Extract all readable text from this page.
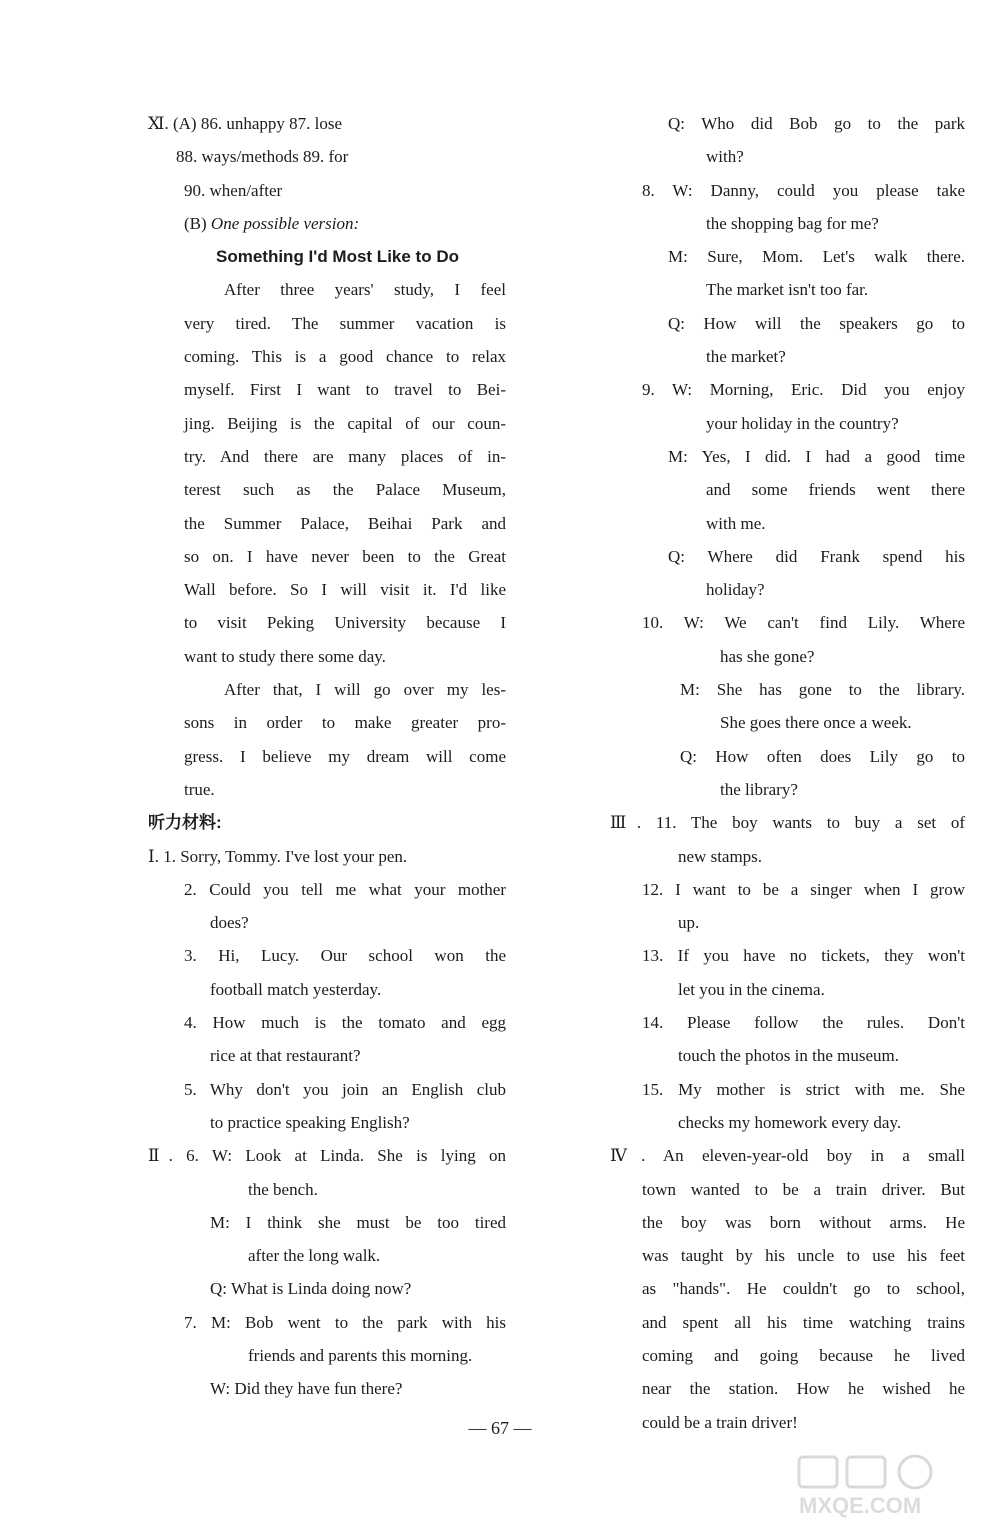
Ⅺ. (A) 86. unhappy 87. lose
88. ways/methods 89. for
90. when/after
(B) One possible version:
Something I'd Most Like to Do
After three years' study, I feel
very tired. The summer vacation is
coming. This is a good chance to relax
myself. First I want to travel to Bei-
jing. Beijing is the capital of our coun-
try. And there are many places of in-
terest such as the Palace Museum,
the Summer Palace, Beihai Park and
so on. I have never been to the Great
Wall before. So I will visit it. I'd like
to visit Peking University because I
want to study there some day.
After that, I will go over my les-
sons in order to make greater pro-
gress. I believe my dream will come
true.
听力材料:
Ⅰ. 1. Sorry, Tommy. I've lost your pen.
2. Could you tell me what your mother
does?
3. Hi, Lucy. Our school won the
football match yesterday.
4. How much is the tomato and egg
rice at that restaurant?
5. Why don't you join an English club
to practice speaking English?
Ⅱ. 6. W: Look at Linda. She is lying on
the bench.
M: I think she must be too tired
after the long walk.
Q: What is Linda doing now?
7. M: Bob went to the park with his
friends and parents this morning.
W: Did they have fun there?
Q: Who did Bob go to the park
with?
8. W: Danny, could you please take
the shopping bag for me?
M: Sure, Mom. Let's walk there.
The market isn't too far.
Q: How will the speakers go to
the market?
9. W: Morning, Eric. Did you enjoy
your holiday in the country?
M: Yes, I did. I had a good time
and some friends went there
with me.
Q: Where did Frank spend his
holiday?
10. W: We can't find Lily. Where
has she gone?
M: She has gone to the library.
She goes there once a week.
Q: How often does Lily go to
the library?
Ⅲ. 11. The boy wants to buy a set of
new stamps.
12. I want to be a singer when I grow
up.
13. If you have no tickets, they won't
let you in the cinema.
14. Please follow the rules. Don't
touch the photos in the museum.
15. My mother is strict with me. She
checks my homework every day.
Ⅳ. An eleven-year-old boy in a small
town wanted to be a train driver. But
the boy was born without arms. He
was taught by his uncle to use his feet
as "hands". He couldn't go to school,
and spent all his time watching trains
coming and going because he lived
near the station. How he wished he
could be a train driver!
— 67 —
MXQE.COM
